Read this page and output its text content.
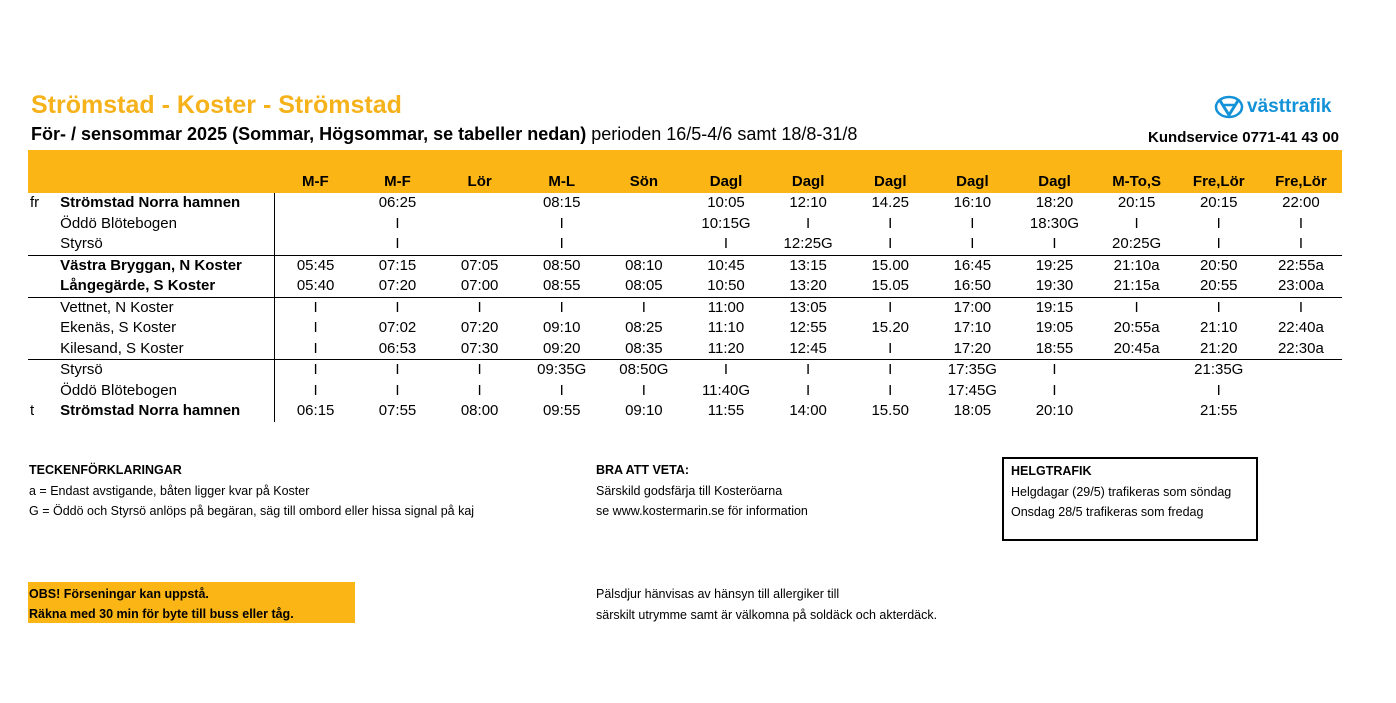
Strömstad - Koster - Strömstad
För- / sensommar 2025 (Sommar, Högsommar, se tabeller nedan) perioden 16/5-4/6 samt 18/8-31/8
västtrafik
Kundservice 0771-41 43 00
		M-F	M-F	Lör	M-L	Sön	Dagl	Dagl	Dagl	Dagl	Dagl	M-To,S	Fre,Lör	Fre,Lör
fr	Strömstad Norra hamnen		06:25		08:15		10:05	12:10	14.25	16:10	18:20	20:15	20:15	22:00
	Öddö Blötebogen		I		I		10:15G	I	I	I	18:30G	I	I	I
	Styrsö		I		I		I	12:25G	I	I	I	20:25G	I	I
	Västra Bryggan, N Koster	05:45	07:15	07:05	08:50	08:10	10:45	13:15	15.00	16:45	19:25	21:10a	20:50	22:55a
	Långegärde, S Koster	05:40	07:20	07:00	08:55	08:05	10:50	13:20	15.05	16:50	19:30	21:15a	20:55	23:00a
	Vettnet, N Koster	I	I	I	I	I	11:00	13:05	I	17:00	19:15	I	I	I
	Ekenäs, S Koster	I	07:02	07:20	09:10	08:25	11:10	12:55	15.20	17:10	19:05	20:55a	21:10	22:40a
	Kilesand, S Koster	I	06:53	07:30	09:20	08:35	11:20	12:45	I	17:20	18:55	20:45a	21:20	22:30a
	Styrsö	I	I	I	09:35G	08:50G	I	I	I	17:35G	I		21:35G	
	Öddö Blötebogen	I	I	I	I	I	11:40G	I	I	17:45G	I		I	
t	Strömstad Norra hamnen	06:15	07:55	08:00	09:55	09:10	11:55	14:00	15.50	18:05	20:10		21:55	
TECKENFÖRKLARINGAR
a = Endast avstigande, båten ligger kvar på Koster
G = Öddö och Styrsö anlöps på begäran, säg till ombord eller hissa signal på kaj
BRA ATT VETA:
Särskild godsfärja till Kosteröarna
se www.kostermarin.se för information
HELGTRAFIK
Helgdagar (29/5) trafikeras som söndag
Onsdag 28/5 trafikeras som fredag
OBS! Förseningar kan uppstå.
Räkna med 30 min för byte till buss eller tåg.
Pälsdjur hänvisas av hänsyn till allergiker till
särskilt utrymme samt är välkomna på soldäck och akterdäck.
